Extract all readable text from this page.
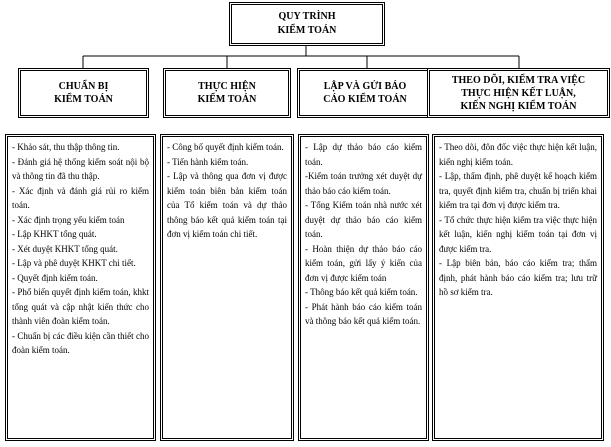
QUY TRÌNH
KIỂM TOÁN
CHUẨN BỊ
KIỂM TOÁN
- Khảo sát, thu thập thông tin.
- Đánh giá hệ thống kiểm soát nội bộ và thông tin đã thu thập.
- Xác định và đánh giá rủi ro kiểm toán.
- Xác định trọng yếu kiểm toán
- Lập KHKT tổng quát.
- Xét duyệt KHKT tổng quát.
- Lập và phê duyệt KHKT chi tiết.
- Quyết định kiểm toán.
- Phổ biến quyết định kiểm toán, khkt tổng quát và cập nhật kiến thức cho thành viên đoàn kiểm toán.
- Chuẩn bị các điều kiện cần thiết cho đoàn kiểm toán.
THỰC HIỆN
KIỂM TOÁN
- Công bố quyết định kiểm toán.
- Tiến hành kiểm toán.
- Lập và thông qua đơn vị được kiểm toán biên bản kiểm toán của Tổ kiểm toán và dự thảo thông báo kết quả kiểm toán tại đơn vị kiểm toán chi tiết.
LẬP VÀ GỬI BÁO
CÁO KIỂM TOÁN
- Lập dự thảo báo cáo kiểm toán.
-Kiểm toán trưởng xét duyệt dự thảo báo cáo kiểm toán.
- Tổng Kiểm toán nhà nước xét duyệt dự thảo báo cáo kiểm toán.
- Hoàn thiện dự thảo báo cáo kiểm toán, gửi lấy ý kiến của đơn vị được kiểm toán
- Thông báo kết quả kiểm toán.
- Phát hành báo cáo kiểm toán và thông báo kết quả kiểm toán.
THEO DÕI, KIỂM TRA VIỆC
THỰC HIỆN KẾT LUẬN,
KIẾN NGHỊ KIỂM TOÁN
- Theo dõi, đôn đốc việc thực hiện kết luận, kiến nghị kiểm toán.
- Lập, thẩm định, phê duyệt kế hoạch kiểm tra, quyết định kiểm tra, chuẩn bị triển khai kiểm tra tại đơn vị được kiểm tra.
- Tổ chức thực hiện kiểm tra việc thực hiện kết luận, kiến nghị kiểm toán tại đơn vị được kiểm tra.
- Lập biên bản, báo cáo kiểm tra; thẩm định, phát hành báo cáo kiểm tra; lưu trữ hồ sơ kiểm tra.
